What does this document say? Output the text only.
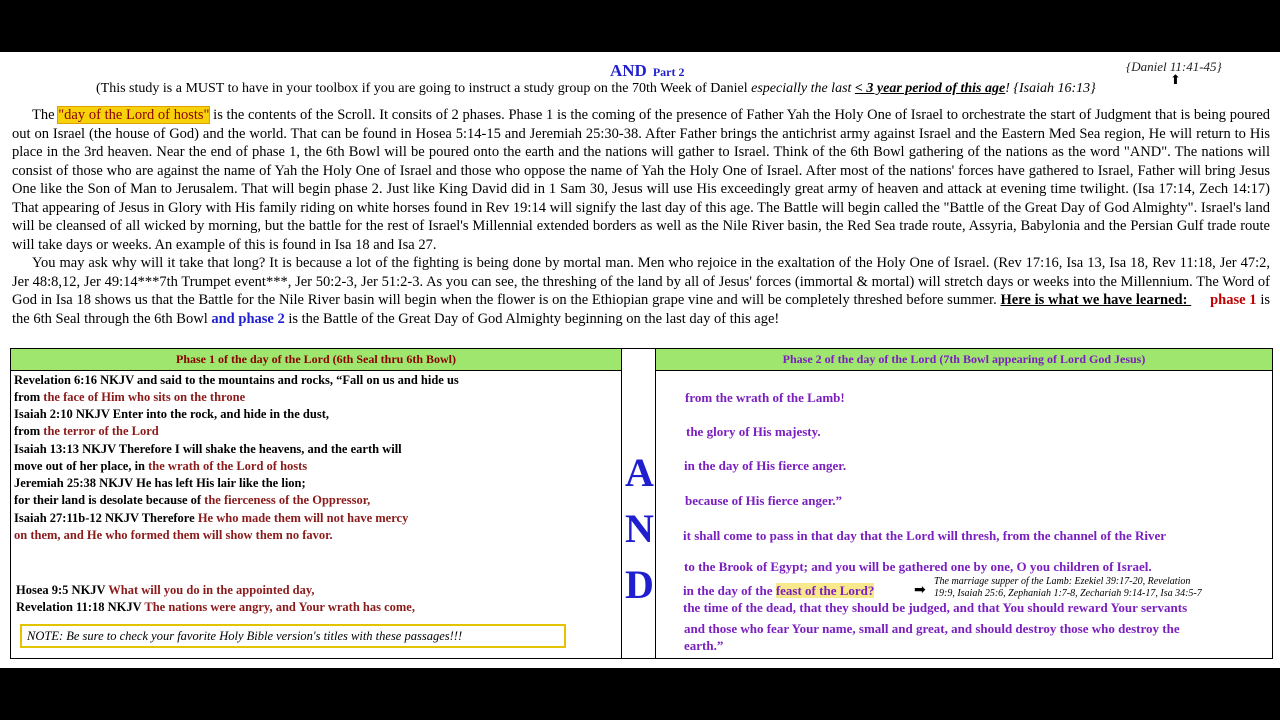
AND Part 2	{Daniel 11:41-45}
⬆
(This study is a MUST to have in your toolbox if you are going to instruct a study group on the 70th Week of Daniel especially the last < 3 year period of this age! {Isaiah 16:13}

The "day of the Lord of hosts" is the contents of the Scroll. It consits of 2 phases. Phase 1 is the coming of the presence of Father Yah the Holy One of Israel to orchestrate the start of Judgment that is being poured out on Israel (the house of God) and the world. That can be found in Hosea 5:14-15 and Jeremiah 25:30-38. After Father brings the antichrist army against Israel and the Eastern Med Sea region, He will return to His place in the 3rd heaven. Near the end of phase 1, the 6th Bowl will be poured onto the earth and the nations will gather to Israel. Think of the 6th Bowl gathering of the nations as the word "AND". The nations will consist of those who are against the name of Yah the Holy One of Israel and those who oppose the name of Yah the Holy One of Israel. After most of the nations' forces have gathered to Israel, Father will bring Jesus One like the Son of Man to Jerusalem. That will begin phase 2. Just like King David did in 1 Sam 30, Jesus will use His exceedingly great army of heaven and attack at evening time twilight. (Isa 17:14, Zech 14:17) That appearing of Jesus in Glory with His family riding on white horses found in Rev 19:14 will signify the last day of this age. The Battle will begin called the "Battle of the Great Day of God Almighty". Israel's land will be cleansed of all wicked by morning, but the battle for the rest of Israel's Millennial extended borders as well as the Nile River basin, the Red Sea trade route, Assyria, Babylonia and the Persian Gulf trade route will take days or weeks. An example of this is found in Isa 18 and Isa 27.

You may ask why will it take that long? It is because a lot of the fighting is being done by mortal man. Men who rejoice in the exaltation of the Holy One of Israel. (Rev 17:16, Isa 13, Isa 18, Rev 11:18, Jer 47:2, Jer 48:8,12, Jer 49:14***7th Trumpet event***, Jer 50:2-3, Jer 51:2-3. As you can see, the threshing of the land by all of Jesus' forces (immortal & mortal) will stretch days or weeks into the Millennium. The Word of God in Isa 18 shows us that the Battle for the Nile River basin will begin when the flower is on the Ethiopian grape vine and will be completely threshed before summer. Here is what we have learned:      phase 1 is the 6th Seal through the 6th Bowl and phase 2 is the Battle of the Great Day of God Almighty beginning on the last day of this age!

Phase 1 of the day of the Lord (6th Seal thru 6th Bowl)
Revelation 6:16 NKJV and said to the mountains and rocks, “Fall on us and hide us
from the face of Him who sits on the throne
Isaiah 2:10 NKJV Enter into the rock, and hide in the dust,
from the terror of the Lord
Isaiah 13:13 NKJV Therefore I will shake the heavens, and the earth will
move out of her place, in the wrath of the Lord of hosts
Jeremiah 25:38 NKJV He has left His lair like the lion;
for their land is desolate because of the fierceness of the Oppressor,
Isaiah 27:11b-12 NKJV Therefore He who made them will not have mercy
on them, and He who formed them will show them no favor.
Hosea 9:5 NKJV What will you do in the appointed day,
Revelation 11:18 NKJV The nations were angry, and Your wrath has come,
NOTE: Be sure to check your favorite Holy Bible version's titles with these passages!!!
A
N
D
Phase 2 of the day of the Lord (7th Bowl appearing of Lord God Jesus)
from the wrath of the Lamb!
the glory of His majesty.
in the day of His fierce anger.
because of His fierce anger.”
it shall come to pass in that day that the Lord will thresh, from the channel of the River
to the Brook of Egypt; and you will be gathered one by one, O you children of Israel.
in the day of the feast of the Lord?	➡
The marriage supper of the Lamb: Ezekiel 39:17-20, Revelation
19:9, Isaiah 25:6, Zephaniah 1:7-8, Zechariah 9:14-17, Isa 34:5-7
the time of the dead, that they should be judged, and that You should reward Your servants
and those who fear Your name, small and great, and should destroy those who destroy the
earth.”
